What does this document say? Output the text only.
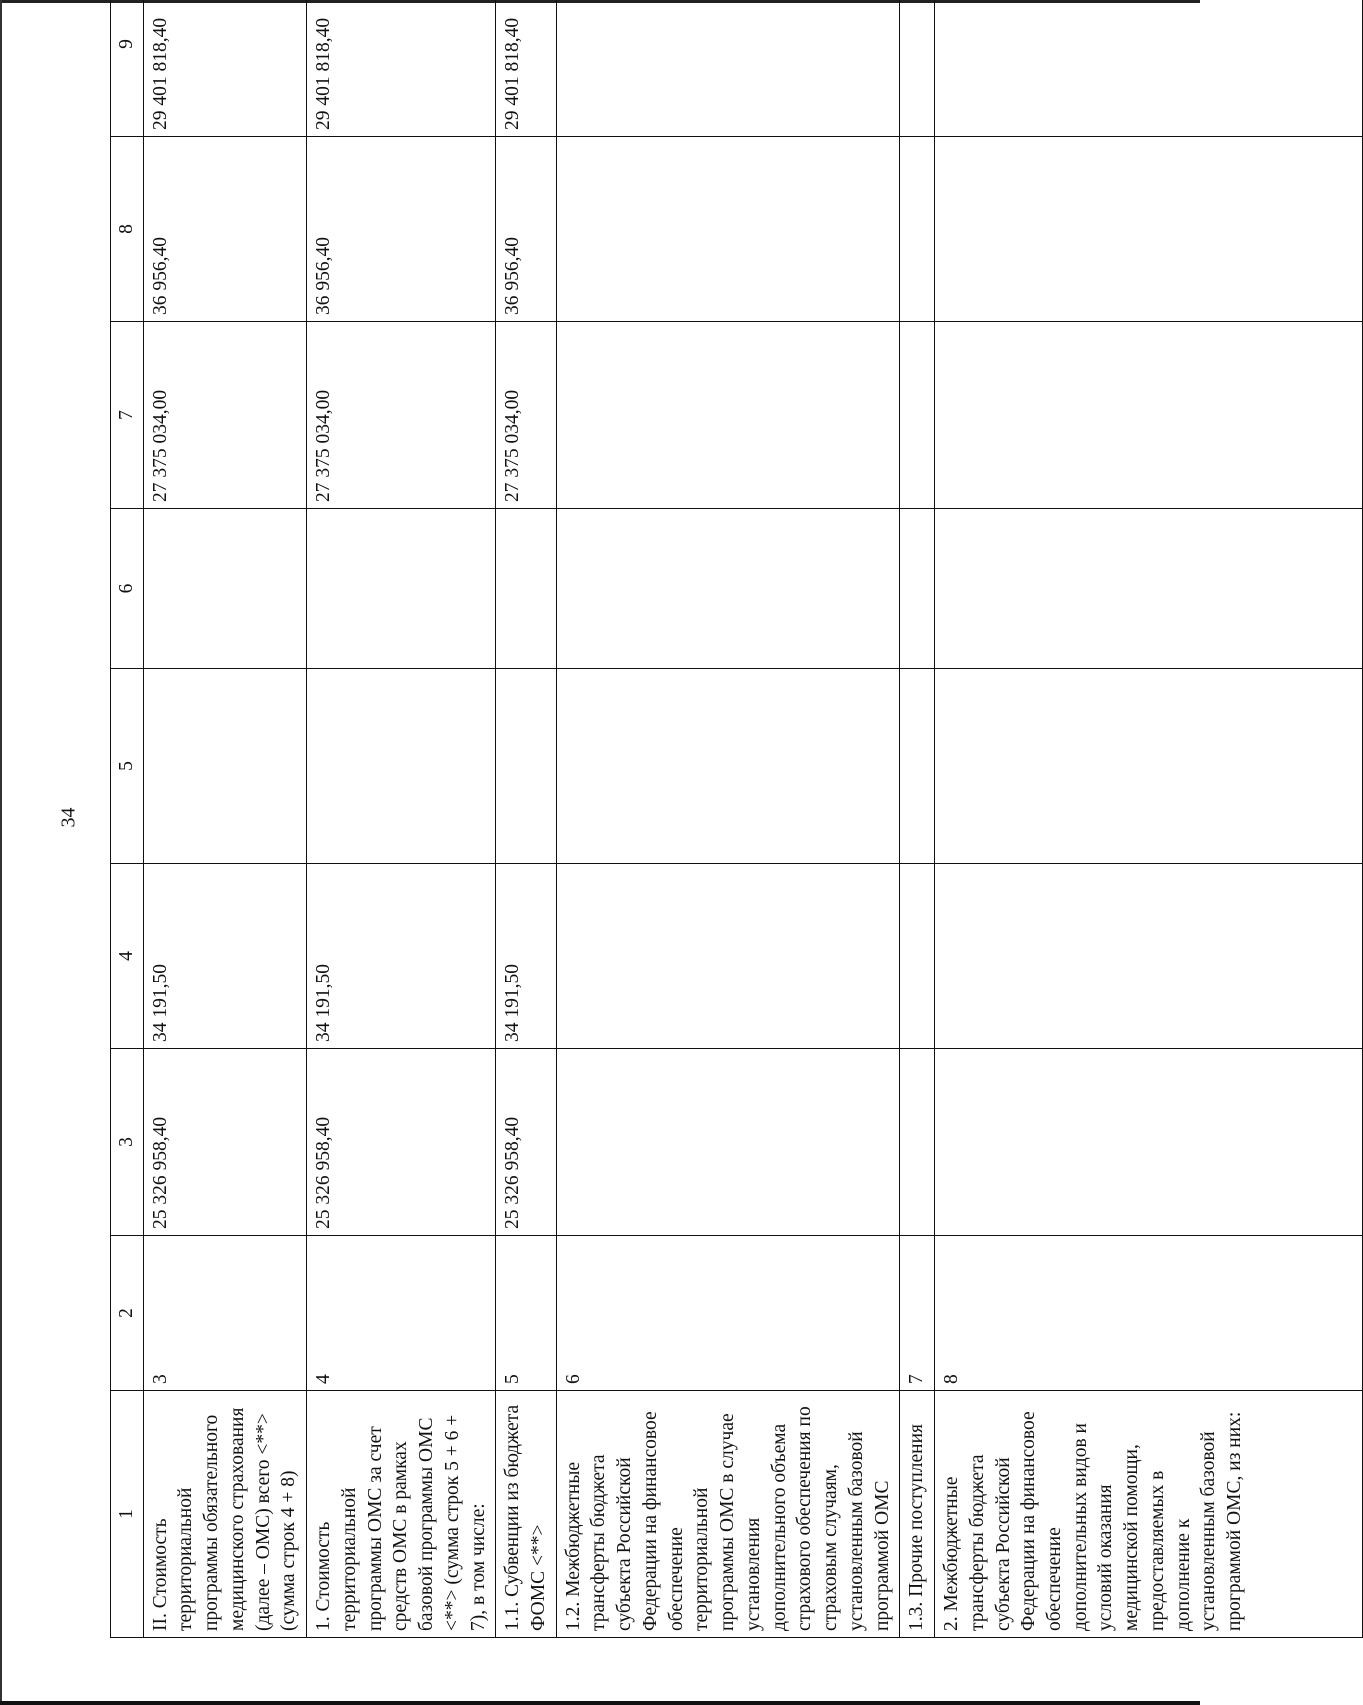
34
1	2	3	4	5	6	7	8	9	
II. Стоимость территориальной программы обязательного медицинского страхования (далее – ОМС) всего <**> (сумма строк 4 + 8)	3	25 326 958,40	34 191,50			27 375 034,00	36 956,40	29 401 818,40	
1. Стоимость территориальной программы ОМС за счет средств ОМС в рамках базовой программы ОМС <**> (сумма строк 5 + 6 + 7), в том числе:	4	25 326 958,40	34 191,50			27 375 034,00	36 956,40	29 401 818,40	
1.1. Субвенции из бюджета ФОМС <**>	5	25 326 958,40	34 191,50			27 375 034,00	36 956,40	29 401 818,40	
1.2. Межбюджетные трансферты бюджета субъекта Российской Федерации на финансовое обеспечение территориальной программы ОМС в случае установления дополнительного объема страхового обеспечения по страховым случаям, установленным базовой программой ОМС	6								
1.3. Прочие поступления	7								
2. Межбюджетные трансферты бюджета субъекта Российской Федерации на финансовое обеспечение дополнительных видов и условий оказания медицинской помощи, предоставляемых в дополнение к установленным базовой программой ОМС, из них:	8								
